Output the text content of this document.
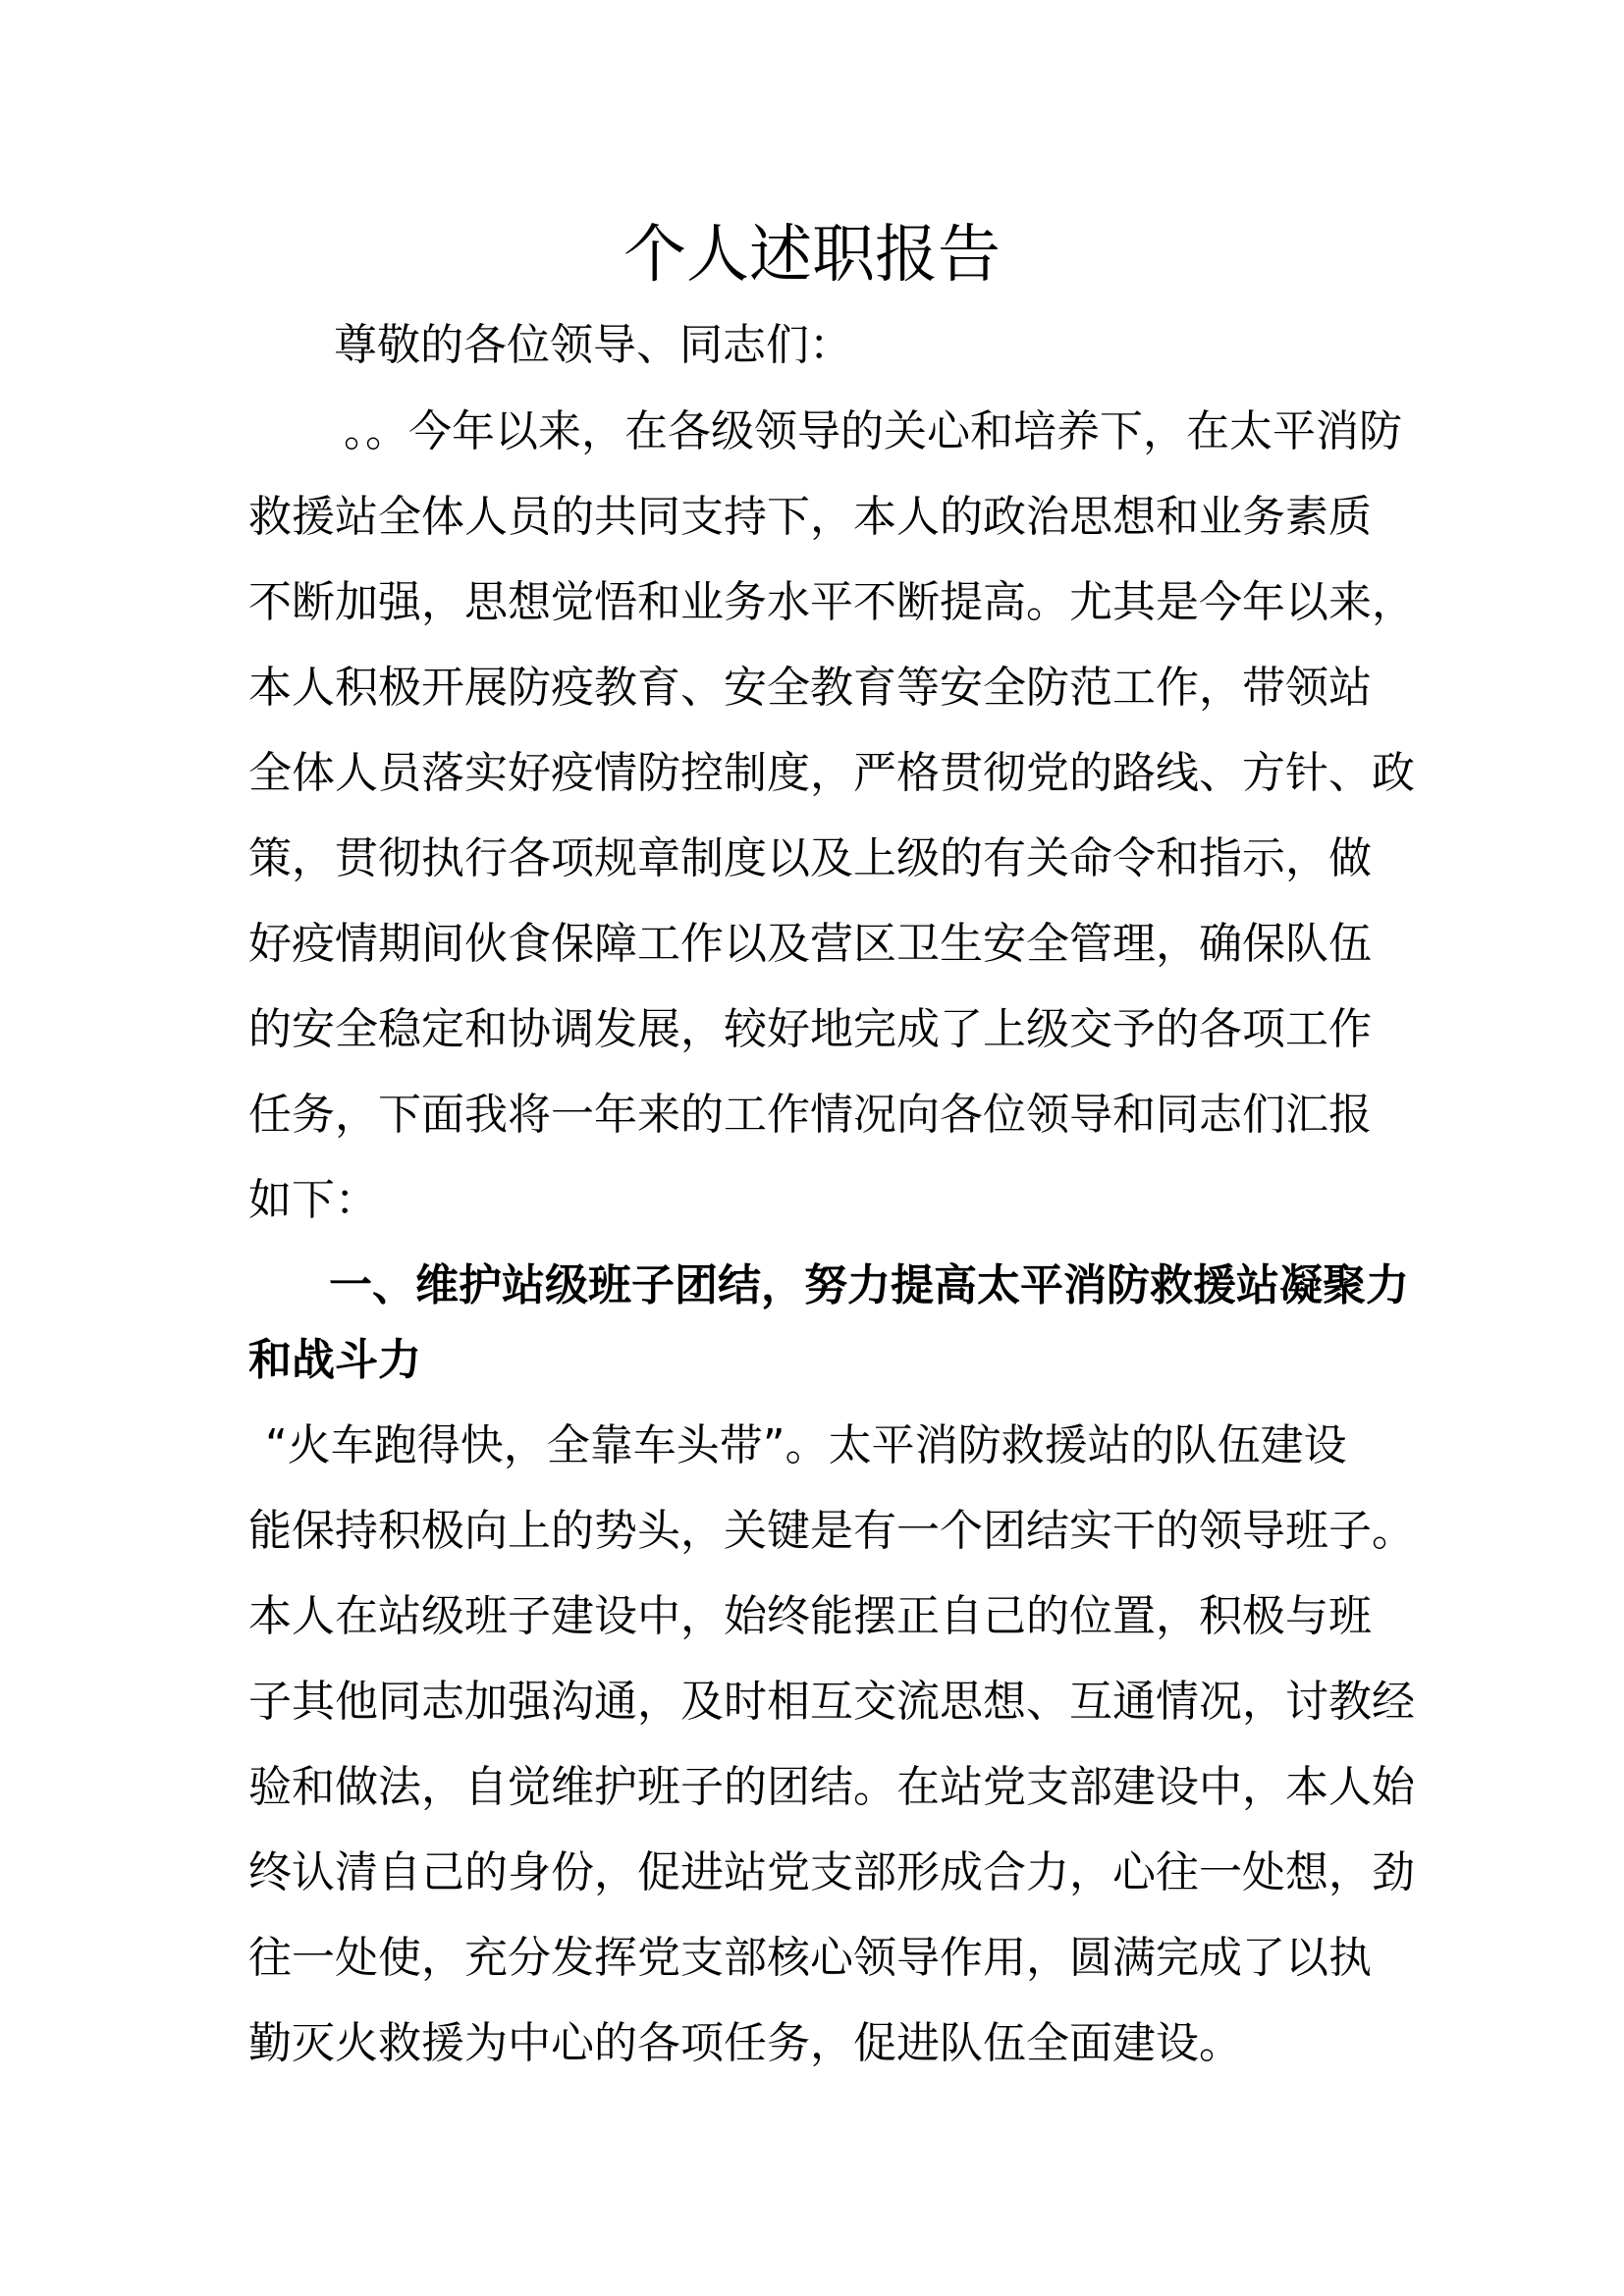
个人述职报告
尊敬的各位领导、同志们：
。。今年以来，在各级领导的关心和培养下，在太平消防
救援站全体人员的共同支持下，本人的政治思想和业务素质
不断加强，思想觉悟和业务水平不断提高。尤其是今年以来，
本人积极开展防疫教育、安全教育等安全防范工作，带领站
全体人员落实好疫情防控制度，严格贯彻党的路线、方针、政
策，贯彻执行各项规章制度以及上级的有关命令和指示，做
好疫情期间伙食保障工作以及营区卫生安全管理，确保队伍
的安全稳定和协调发展，较好地完成了上级交予的各项工作
任务，下面我将一年来的工作情况向各位领导和同志们汇报
如下：
一、维护站级班子团结，努力提高太平消防救援站凝聚力
和战斗力
“火车跑得快，全靠车头带”。太平消防救援站的队伍建设
能保持积极向上的势头，关键是有一个团结实干的领导班子。
本人在站级班子建设中，始终能摆正自己的位置，积极与班
子其他同志加强沟通，及时相互交流思想、互通情况，讨教经
验和做法，自觉维护班子的团结。在站党支部建设中，本人始
终认清自己的身份，促进站党支部形成合力，心往一处想，劲
往一处使，充分发挥党支部核心领导作用，圆满完成了以执
勤灭火救援为中心的各项任务，促进队伍全面建设。
